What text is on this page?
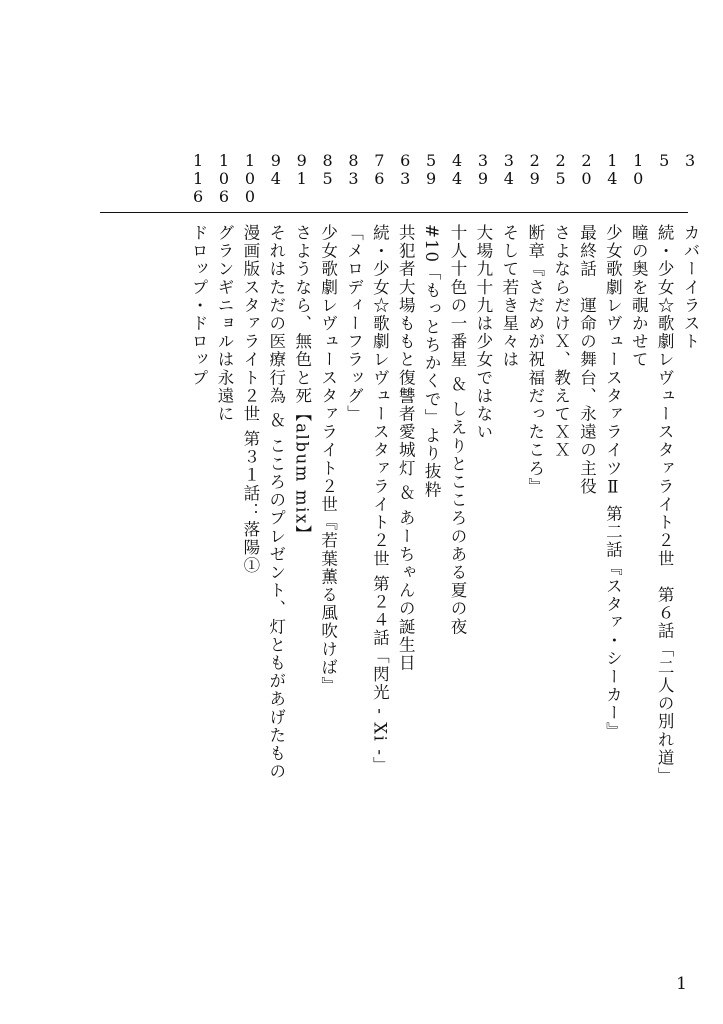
3
カバーイラスト
5
続・少女☆歌劇レヴュースタァライト２世　第６話「二人の別れ道」
10
瞳の奥を覗かせて
14
少女歌劇レヴュースタァライツⅡ 第二話『スタァ・シーカー』
20
最終話　運命の舞台、永遠の主役
25
さよならだけＸ、教えてＸＸ
29
断章『さだめが祝福だったころ』
34
そして若き星々は
39
大場九十九は少女ではない
44
十人十色の一番星 ＆ しえりとこころのある夏の夜
59
#10「もっとちかくで」より抜粋
63
共犯者大場ももと復讐者愛城灯 ＆ あーちゃんの誕生日
76
続・少女☆歌劇レヴュースタァライト２世 第２４話「閃光 - Xi -」
83
「メロディーフラッグ」
85
少女歌劇レヴュースタァライト２世『若葉薫る風吹けば』
91
さようなら、無色と死【album mix】
94
それはただの医療行為 ＆ こころのプレゼント、灯ともがあげたもの
100
漫画版スタァライト２世 第３１話：落陽①
106
グランギニョルは永遠に
116
ドロップ・ドロップ
1
